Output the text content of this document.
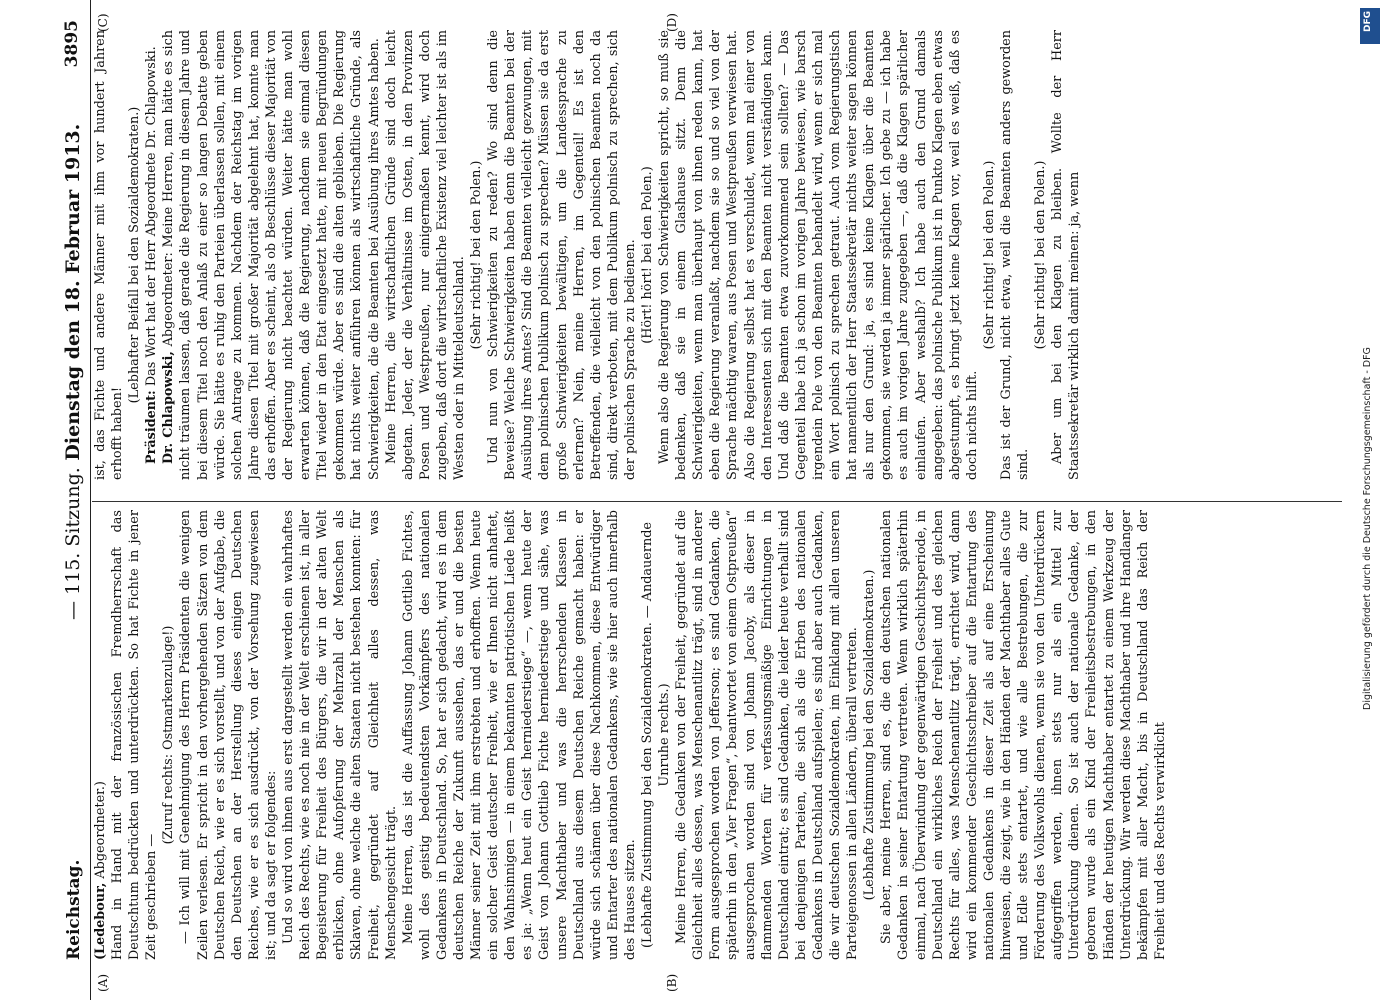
Reichstag.
— 115. Sitzung. Dienstag den 18. Februar 1913.
3895
(A)	(B)
(C)	(D)

(Ledebour, Abgeordneter.) Hand in Hand mit der französischen Fremdherrschaft das Deutschtum bedrückten und unterdrückten. So hat Fichte in jener Zeit geschrieben —

(Zuruf rechts: Ostmarkenzulage!) — Ich will mit Genehmigung des Herrn Präsidenten die wenigen Zeilen verlesen. Er spricht in den vorhergehenden Sätzen von dem Deutschen Reich, wie er es sich vorstellt, und von der Aufgabe, die den Deutschen an der Herstellung dieses einigen Deutschen Reiches, wie er es sich ausdrückt, von der Vorsehung zugewiesen ist; und da sagt er folgendes: Und so wird von ihnen aus erst dargestellt werden ein wahrhaftes Reich des Rechts, wie es noch nie in der Welt erschienen ist, in aller Begeisterung für Freiheit des Bürgers, die wir in der alten Welt erblicken, ohne Aufopferung der Mehrzahl der Menschen als Sklaven, ohne welche die alten Staaten nicht bestehen konnten: für Freiheit, gegründet auf Gleichheit alles dessen, was Menschengesicht trägt. Meine Herren, das ist die Auffassung Johann Gottlieb Fichtes, wohl des geistig bedeutendsten Vorkämpfers des nationalen Gedankens in Deutschland. So, hat er sich gedacht, wird es in dem deutschen Reiche der Zukunft aussehen, das er und die besten Männer seiner Zeit mit ihm erstrebten und erhofften. Wenn heute ein solcher Geist deutscher Freiheit, wie er Ihnen nicht anhaftet, den Wahnsinnigen — in einem bekannten patriotischen Liede heißt es ja: „Wenn heut ein Geist herniederstiege“ —, wenn heute der Geist von Johann Gottlieb Fichte herniederstiege und sähe, was unsere Machthaber und was die herrschenden Klassen in Deutschland aus diesem Deutschen Reiche gemacht haben: er würde sich schämen über diese Nachkommen, diese Entwürdiger und Entarter des nationalen Gedankens, wie sie hier auch innerhalb des Hauses sitzen. (Lebhafte Zustimmung bei den Sozialdemokraten. — Andauernde Unruhe rechts.) Meine Herren, die Gedanken von der Freiheit, gegründet auf die Gleichheit alles dessen, was Menschenantlitz trägt, sind in anderer Form ausgesprochen worden von Jefferson; es sind Gedanken, die späterhin in den „Vier Fragen“, beantwortet von einem Ostpreußen“ ausgesprochen worden sind von Johann Jacoby, als dieser in flammenden Worten für verfassungsmäßige Einrichtungen in Deutschland eintrat; es sind Gedanken, die leider heute verhallt sind bei denjenigen Parteien, die sich als die Erben des nationalen Gedankens in Deutschland aufspielen; es sind aber auch Gedanken, die wir deutschen Sozialdemokraten, im Einklang mit allen unseren Parteigenossen in allen Ländern, überall vertreten. (Lebhafte Zustimmung bei den Sozialdemokraten.) Sie aber, meine Herren, sind es, die den deutschen nationalen Gedanken in seiner Entartung vertreten. Wenn wirklich späterhin einmal, nach Überwindung der gegenwärtigen Geschichtsperiode, in Deutschland ein wirkliches Reich der Freiheit und des gleichen Rechts für alles, was Menschenantlitz trägt, errichtet wird, dann wird ein kommender Geschichtsschreiber auf die Entartung des nationalen Gedankens in dieser Zeit als auf eine Erscheinung hinweisen, die zeigt, wie in den Händen der Machthaber alles Gute und Edle stets entartet, und wie alle Bestrebungen, die zur Förderung des Volkswohls dienen, wenn sie von den Unterdrückern aufgegriffen werden, ihnen stets nur als ein Mittel zur Unterdrückung dienen. So ist auch der nationale Gedanke, der geboren wurde als ein Kind der Freiheitsbestrebungen, in den Händen der heutigen Machthaber entartet zu einem Werkzeug der Unterdrückung. Wir werden diese Machthaber und ihre Handlanger bekämpfen mit aller Macht, bis in Deutschland das Reich der Freiheit und des Rechts verwirklicht

ist, das Fichte und andere Männer mit ihm vor hundert Jahren erhofft haben!

(Lebhafter Beifall bei den Sozialdemokraten.)

Präsident: Das Wort hat der Herr Abgeordnete Dr. Chlapowski.

Dr. Chlapowski, Abgeordneter: Meine Herren, man hätte es sich nicht träumen lassen, daß gerade die Regierung in diesem Jahre und bei diesem Titel noch den Anlaß zu einer so langen Debatte geben würde. Sie hätte es ruhig den Parteien überlassen sollen, mit einem solchen Antrage zu kommen. Nachdem der Reichstag im vorigen Jahre diesen Titel mit großer Majorität abgelehnt hat, konnte man das erhoffen. Aber es scheint, als ob Beschlüsse dieser Majorität von der Regierung nicht beachtet würden. Weiter hätte man wohl erwarten können, daß die Regierung, nachdem sie einmal diesen Titel wieder in den Etat eingesetzt hatte, mit neuen Begründungen gekommen würde. Aber es sind die alten geblieben. Die Regierung hat nichts weiter anführen können als wirtschaftliche Gründe, als Schwierigkeiten, die die Beamten bei Ausübung ihres Amtes haben. Meine Herren, die wirtschaftlichen Gründe sind doch leicht abgetan. Jeder, der die Verhältnisse im Osten, in den Provinzen Posen und Westpreußen, nur einigermaßen kennt, wird doch zugeben, daß dort die wirtschaftliche Existenz viel leichter ist als im Westen oder in Mitteldeutschland.

(Sehr richtig! bei den Polen.) Und nun von Schwierigkeiten zu reden? Wo sind denn die Beweise? Welche Schwierigkeiten haben denn die Beamten bei der Ausübung ihres Amtes? Sind die Beamten vielleicht gezwungen, mit dem polnischen Publikum polnisch zu sprechen? Müssen sie da erst große Schwierigkeiten bewältigen, um die Landessprache zu erlernen? Nein, meine Herren, im Gegenteil! Es ist den Betreffenden, die vielleicht von den polnischen Beamten noch da sind, direkt verboten, mit dem Publikum polnisch zu sprechen, sich der polnischen Sprache zu bedienen. (Hört! hört! bei den Polen.) Wenn also die Regierung von Schwierigkeiten spricht, so muß sie bedenken, daß sie in einem Glashause sitzt. Denn die Schwierigkeiten, wenn man überhaupt von ihnen reden kann, hat eben die Regierung veranlaßt, nachdem sie so und so viel von der Sprache mächtig waren, aus Posen und Westpreußen verwiesen hat. Also die Regierung selbst hat es verschuldet, wenn mal einer von den Interessenten sich mit den Beamten nicht verständigen kann. Und daß die Beamten etwa zuvorkommend sein sollten? — Das Gegenteil habe ich ja schon im vorigen Jahre bewiesen, wie barsch irgendein Pole von den Beamten behandelt wird, wenn er sich mal ein Wort polnisch zu sprechen getraut. Auch vom Regierungstisch hat namentlich der Herr Staatssekretär nichts weiter sagen können als nur den Grund: ja, es sind keine Klagen über die Beamten gekommen, sie werden ja immer spärlicher. Ich gebe zu — ich habe es auch im vorigen Jahre zugegeben —, daß die Klagen spärlicher einlaufen. Aber weshalb? Ich habe auch den Grund damals angegeben: das polnische Publikum ist in Punkto Klagen eben etwas abgestumpft, es bringt jetzt keine Klagen vor, weil es weiß, daß es doch nichts hilft.

(Sehr richtig! bei den Polen.) Das ist der Grund, nicht etwa, weil die Beamten anders geworden sind.

(Sehr richtig! bei den Polen.) Aber um bei den Klagen zu bleiben. Wollte der Herr Staatssekretär wirklich damit meinen: ja, wenn

DFG
Digitalisierung gefördert durch die Deutsche Forschungsgemeinschaft - DFG
